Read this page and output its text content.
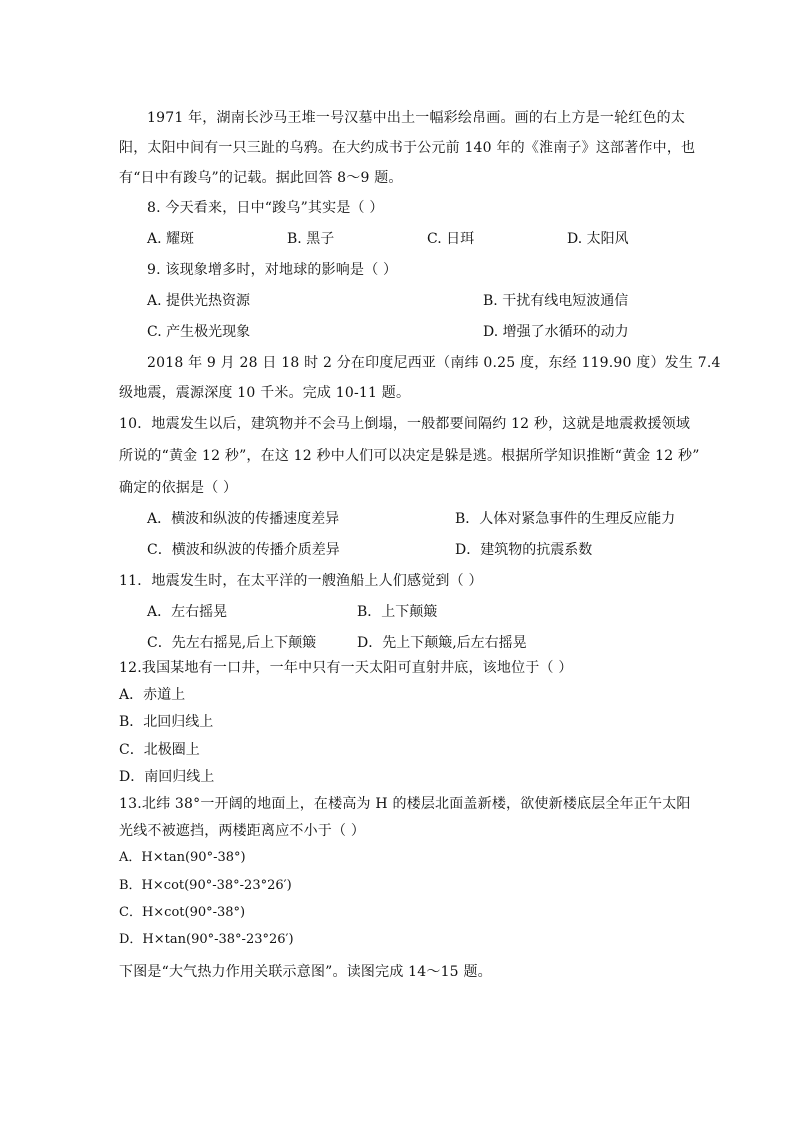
1971 年，湖南长沙马王堆一号汉墓中出土一幅彩绘帛画。画的右上方是一轮红色的太
阳，太阳中间有一只三趾的乌鸦。在大约成书于公元前 140 年的《淮南子》这部著作中，也
有“日中有踆乌”的记载。据此回答 8～9 题。
8. 今天看来，日中“踆乌”其实是（ ）
A. 耀斑	B. 黑子	C. 日珥	D. 太阳风
9. 该现象增多时，对地球的影响是（ ）
A. 提供光热资源	B. 干扰有线电短波通信
C. 产生极光现象	D. 增强了水循环的动力
2018 年 9 月 28 日 18 时 2 分在印度尼西亚（南纬 0.25 度，东经 119.90 度）发生 7.4
级地震，震源深度 10 千米。完成 10-11 题。
10．地震发生以后，建筑物并不会马上倒塌，一般都要间隔约 12 秒，这就是地震救援领域
所说的“黄金 12 秒”，在这 12 秒中人们可以决定是躲是逃。根据所学知识推断“黄金 12 秒”
确定的依据是（ ）
A．横波和纵波的传播速度差异	B．人体对紧急事件的生理反应能力
C．横波和纵波的传播介质差异	D．建筑物的抗震系数
11．地震发生时，在太平洋的一艘渔船上人们感觉到（ ）
A．左右摇晃	B．上下颠簸
C．先左右摇晃,后上下颠簸	D．先上下颠簸,后左右摇晃
12.我国某地有一口井，一年中只有一天太阳可直射井底，该地位于（ ）
A．赤道上
B．北回归线上
C．北极圈上
D．南回归线上
13.北纬 38°一开阔的地面上，在楼高为 H 的楼层北面盖新楼，欲使新楼底层全年正午太阳
光线不被遮挡，两楼距离应不小于（ ）
A．H×tan(90°-38°)
B．H×cot(90°-38°-23°26′)
C．H×cot(90°-38°)
D．H×tan(90°-38°-23°26′)
下图是“大气热力作用关联示意图”。读图完成 14～15 题。
